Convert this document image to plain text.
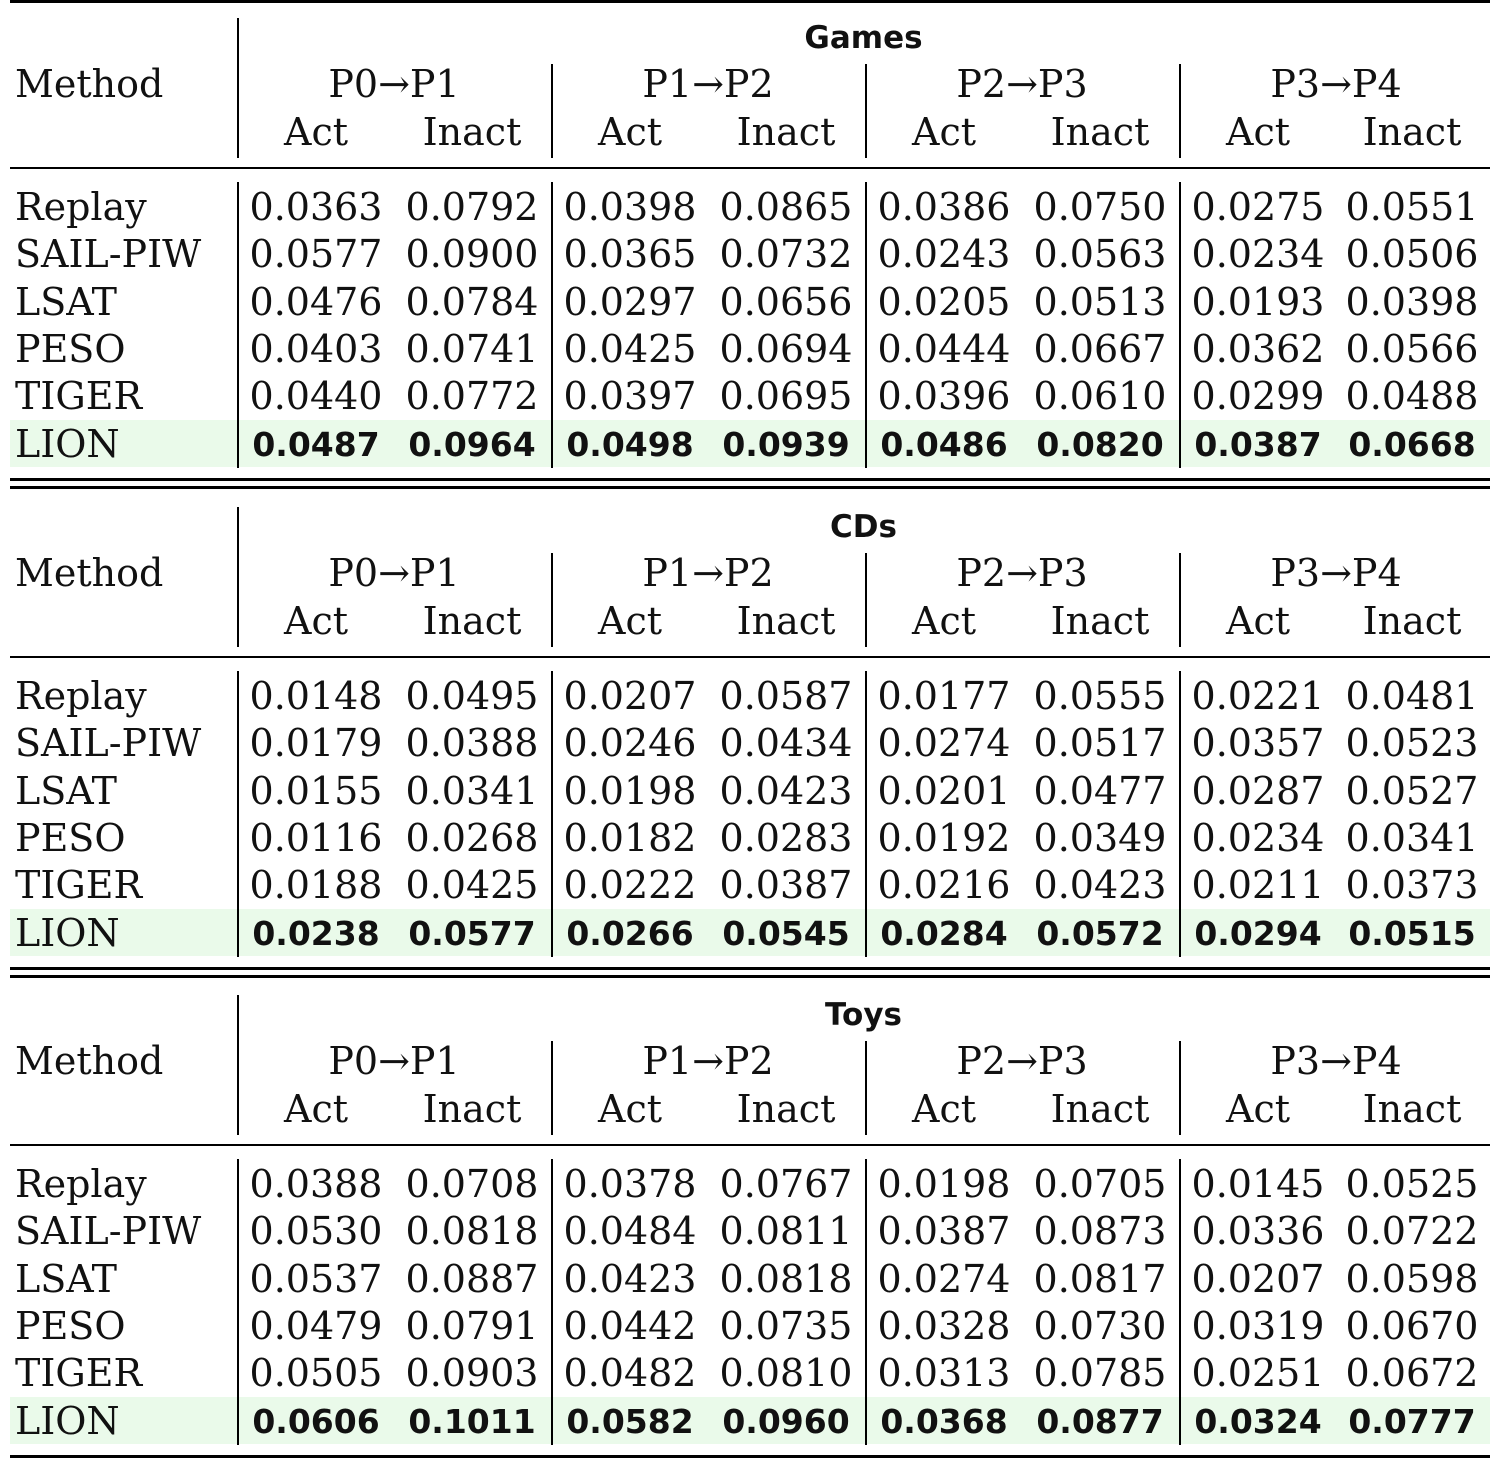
Games
Method	P0→P1	P1→P2	P2→P3	P3→P4
Act	Inact	Act	Inact	Act	Inact	Act	Inact
Replay	0.0363 0.0792 0.0398 0.0865 0.0386 0.0750 0.0275 0.0551
SAIL-PIW 0.0577 0.0900 0.0365 0.0732 0.0243 0.0563 0.0234 0.0506
LSAT	0.0476 0.0784 0.0297 0.0656 0.0205 0.0513 0.0193 0.0398
PESO	0.0403 0.0741 0.0425 0.0694 0.0444 0.0667 0.0362 0.0566
TIGER	0.0440 0.0772 0.0397 0.0695 0.0396 0.0610 0.0299 0.0488
LION	0.0487 0.0964 0.0498 0.0939 0.0486 0.0820 0.0387 0.0668
CDs
Method	P0→P1	P1→P2	P2→P3	P3→P4
Act	Inact	Act	Inact	Act	Inact	Act	Inact
Replay	0.0148 0.0495 0.0207 0.0587 0.0177 0.0555 0.0221 0.0481
SAIL-PIW 0.0179 0.0388 0.0246 0.0434 0.0274 0.0517 0.0357 0.0523
LSAT	0.0155 0.0341 0.0198 0.0423 0.0201 0.0477 0.0287 0.0527
PESO	0.0116 0.0268 0.0182 0.0283 0.0192 0.0349 0.0234 0.0341
TIGER	0.0188 0.0425 0.0222 0.0387 0.0216 0.0423 0.0211 0.0373
LION	0.0238 0.0577 0.0266 0.0545 0.0284 0.0572 0.0294 0.0515
Toys
Method	P0→P1	P1→P2	P2→P3	P3→P4
Act	Inact	Act	Inact	Act	Inact	Act	Inact
Replay	0.0388 0.0708 0.0378 0.0767 0.0198 0.0705 0.0145 0.0525
SAIL-PIW 0.0530 0.0818 0.0484 0.0811 0.0387 0.0873 0.0336 0.0722
LSAT	0.0537 0.0887 0.0423 0.0818 0.0274 0.0817 0.0207 0.0598
PESO	0.0479 0.0791 0.0442 0.0735 0.0328 0.0730 0.0319 0.0670
TIGER	0.0505 0.0903 0.0482 0.0810 0.0313 0.0785 0.0251 0.0672
LION	0.0606 0.1011 0.0582 0.0960 0.0368 0.0877 0.0324 0.0777
